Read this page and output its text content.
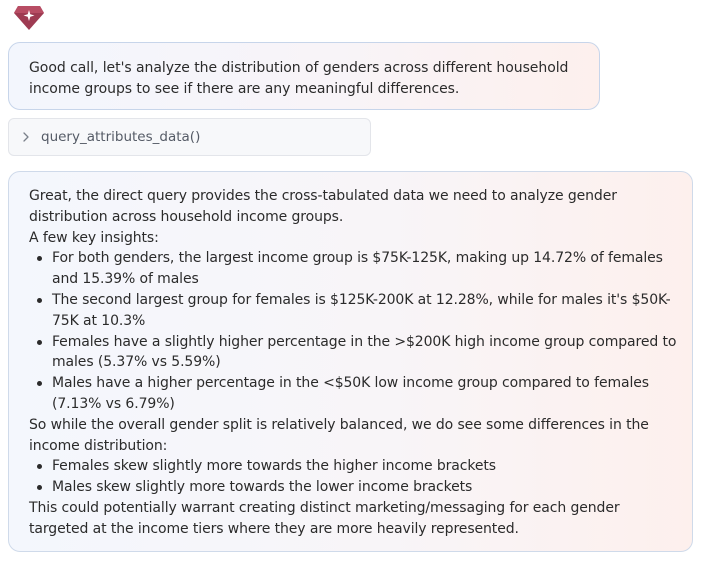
Good call, let's analyze the distribution of genders across different household income groups to see if there are any meaningful differences.
query_attributes_data()

Great, the direct query provides the cross-tabulated data we need to analyze gender distribution across household income groups.

A few key insights:

For both genders, the largest income group is $75K-125K, making up 14.72% of females and 15.39% of males
The second largest group for females is $125K-200K at 12.28%, while for males it's $50K-75K at 10.3%
Females have a slightly higher percentage in the >$200K high income group compared to males (5.37% vs 5.59%)
Males have a higher percentage in the <$50K low income group compared to females (7.13% vs 6.79%)

So while the overall gender split is relatively balanced, we do see some differences in the income distribution:

Females skew slightly more towards the higher income brackets
Males skew slightly more towards the lower income brackets

This could potentially warrant creating distinct marketing/messaging for each gender targeted at the income tiers where they are more heavily represented.
